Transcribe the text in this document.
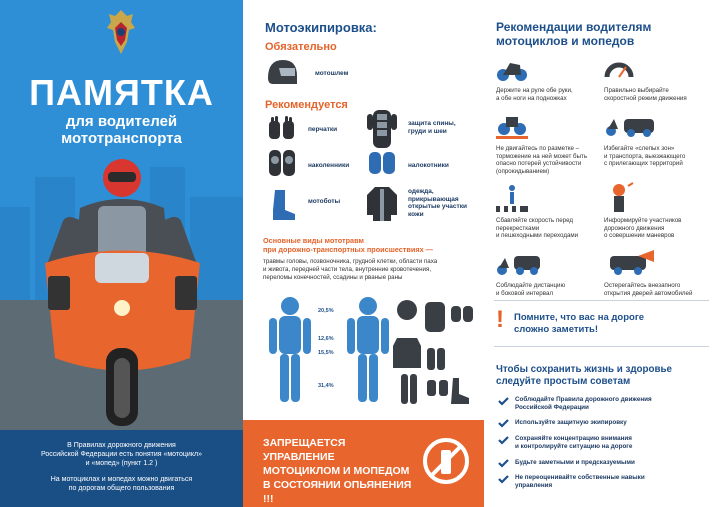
ПАМЯТКА
для водителей
мототранспорта
В Правилах дорожного движения
Российской Федерации есть понятия «мотоцикл»
и «мопед» (пункт 1.2 )
На мотоциклах и мопедах можно двигаться
по дорогам общего пользования
Мотоэкипировка:
Обязательно
мотошлем
Рекомендуется
перчатки
защита спины,
груди и шеи
наколенники	налокотники
мотоботы
одежда,
прикрывающая
открытые участки
кожи
Основные виды мототравм
при дорожно-транспортных происшествиях —
травмы головы, позвоночника, грудной клетки, области паха
и живота, передней части тела, внутренние кровотечения,
переломы конечностей, ссадины и рваные раны
20,5%
12,6%
15,5%
31,4%
ЗАПРЕЩАЕТСЯ УПРАВЛЕНИЕ
МОТОЦИКЛОМ И МОПЕДОМ
В СОСТОЯНИИ ОПЬЯНЕНИЯ !!!
Рекомендации водителям
мотоциклов и мопедов
Держите на руле обе руки,
а обе ноги на подножках
Правильно выбирайте
скоростной режим движения
Не двигайтесь по разметке –
торможение на ней может быть
опасно потерей устойчивости
(опрокидыванием)
Избегайте «слепых зон»
и транспорта, выезжающего
с прилегающих территорий
Сбавляйте скорость перед
перекрестками
и пешеходными переходами
Информируйте участников
дорожного движения
о совершении маневров
Соблюдайте дистанцию
и боковой интервал
Остерегайтесь внезапного
открытия дверей автомобилей
! Помните, что вас на дороге
сложно заметить!
Чтобы сохранить жизнь и здоровье
следуйте простым советам
Соблюдайте Правила дорожного движения
Российской Федерации
Используйте защитную экипировку
Сохраняйте концентрацию внимания
и контролируйте ситуацию на дороге
Будьте заметными и предсказуемыми
Не переоценивайте собственные навыки
управления
